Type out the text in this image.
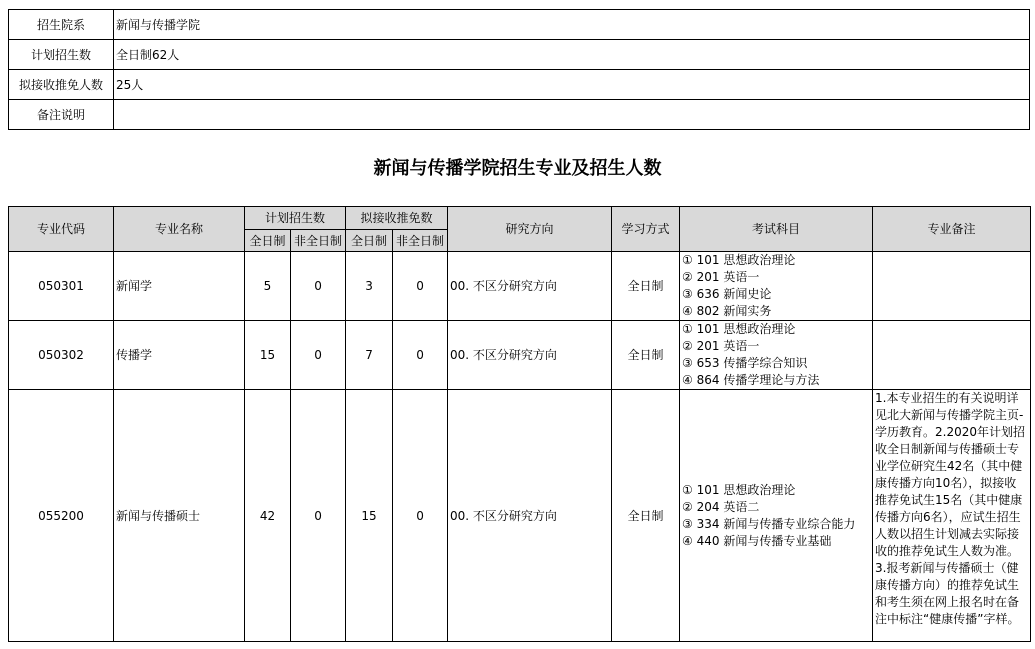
招生院系	新闻与传播学院
计划招生数	全日制62人
拟接收推免人数	25人
备注说明	
新闻与传播学院招生专业及招生人数
专业代码	专业名称	计划招生数		拟接收推免数		研究方向	学习方式	考试科目	专业备注
		全日制	非全日制	全日制	非全日制				
050301	新闻学	5	0	3	0	00. 不区分研究方向	全日制	① 101 思想政治理论
② 201 英语一
③ 636 新闻史论
④ 802 新闻实务	

050302	传播学	15	0	7	0	00. 不区分研究方向	全日制	① 101 思想政治理论
② 201 英语一
③ 653 传播学综合知识
④ 864 传播学理论与方法	

055200	新闻与传播硕士	42	0	15	0	00. 不区分研究方向	全日制	① 101 思想政治理论
② 204 英语二
③ 334 新闻与传播专业综合能力
④ 440 新闻与传播专业基础	1.本专业招生的有关说明详见北大新闻与传播学院主页-学历教育。2.2020年计划招收全日制新闻与传播硕士专业学位研究生42名（其中健康传播方向10名），拟接收推荐免试生15名（其中健康传播方向6名），应试生招生人数以招生计划减去实际接收的推荐免试生人数为准。3.报考新闻与传播硕士（健康传播方向）的推荐免试生和考生须在网上报名时在备注中标注“健康传播”字样。
